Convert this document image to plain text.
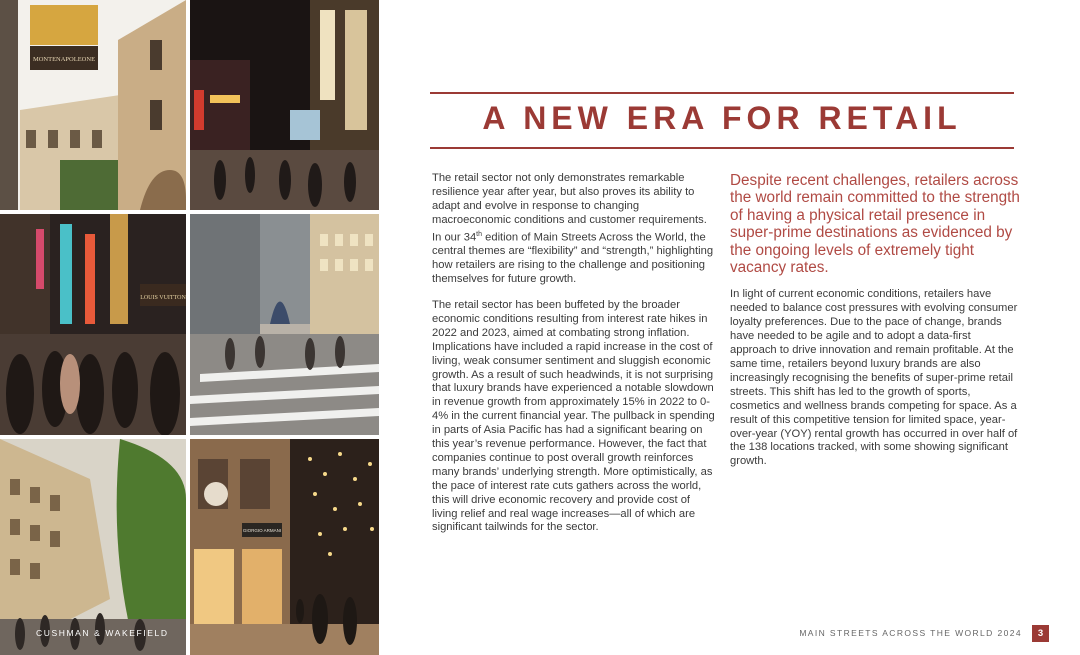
MONTENAPOLEONE
LOUIS VUITTON
GIORGIO ARMANI
CUSHMAN & WAKEFIELD
A NEW ERA FOR RETAIL

The retail sector not only demonstrates remarkable resilience year after year, but also proves its ability to adapt and evolve in response to changing macroeconomic conditions and customer requirements. In our 34th edition of Main Streets Across the World, the central themes are “flexibility” and “strength,” highlighting how retailers are rising to the challenge and positioning themselves for future growth.

The retail sector has been buffeted by the broader economic conditions resulting from interest rate hikes in 2022 and 2023, aimed at combating strong inflation. Implications have included a rapid increase in the cost of living, weak consumer sentiment and sluggish economic growth. As a result of such headwinds, it is not surprising that luxury brands have experienced a notable slowdown in revenue growth from approximately 15% in 2022 to 0-4% in the current financial year. The pullback in spending in parts of Asia Pacific has had a significant bearing on this year’s revenue performance. However, the fact that companies continue to post overall growth reinforces many brands’ underlying strength. More optimistically, as the pace of interest rate cuts gathers across the world, this will drive economic recovery and provide cost of living relief and real wage increases—all of which are significant tailwinds for the sector.

Despite recent challenges, retailers across the world remain committed to the strength of having a physical retail presence in super-prime destinations as evidenced by the ongoing levels of extremely tight vacancy rates.

In light of current economic conditions, retailers have needed to balance cost pressures with evolving consumer loyalty preferences. Due to the pace of change, brands have needed to be agile and to adopt a data-first approach to drive innovation and remain profitable. At the same time, retailers beyond luxury brands are also increasingly recognising the benefits of super-prime retail streets. This shift has led to the growth of sports, cosmetics and wellness brands competing for space. As a result of this competitive tension for limited space, year-over-year (YOY) rental growth has occurred in over half of the 138 locations tracked, with some showing significant growth.

MAIN STREETS ACROSS THE WORLD 2024	3
